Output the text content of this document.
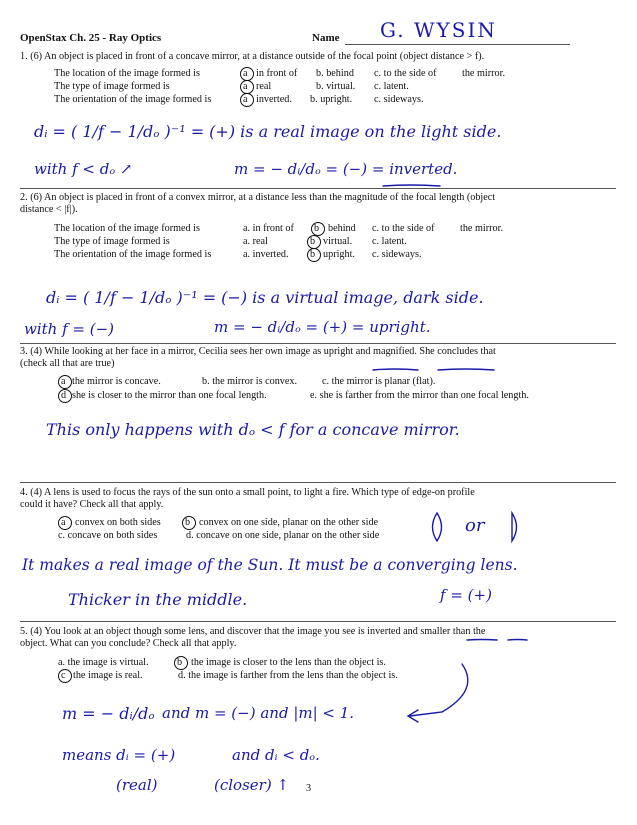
OpenStax Ch. 25 - Ray Optics	Name G. WYSIN
1. (6) An object is placed in front of a concave mirror, at a distance outside of the focal point (object distance > f).
The location of the image formed is	a in front of b. behind c. to the side of the mirror.
The type of image formed is	a real	b. virtual. c. latent.
The orientation of the image formed is	a inverted. b. upright. c. sideways.
dᵢ = ( 1/f − 1/dₒ )⁻¹ = (+) is a real image on the light side.
with f < dₒ ↗	m = − dᵢ/dₒ = (−) = inverted.
2. (6) An object is placed in front of a convex mirror, at a distance less than the magnitude of the focal length (object
distance < |f|).
The location of the image formed is	a. in front of b behind c. to the side of the mirror.
The type of image formed is	a. real	b virtual. c. latent.
The orientation of the image formed is	a. inverted. b upright. c. sideways.
dᵢ = ( 1/f − 1/dₒ )⁻¹ = (−) is a virtual image, dark side.
with f = (−)	m = − dᵢ/dₒ = (+) = upright.
3. (4) While looking at her face in a mirror, Cecilia sees her own image as upright and magnified. She concludes that
(check all that are true)
a the mirror is concave.	b. the mirror is convex. c. the mirror is planar (flat).
d she is closer to the mirror than one focal length.	e. she is farther from the mirror than one focal length.
This only happens with dₒ < f for a concave mirror.
4. (4) A lens is used to focus the rays of the sun onto a small point, to light a fire. Which type of edge-on profile
could it have? Check all that apply.
a convex on both sides b convex on one side, planar on the other side
c. concave on both sides	d. concave on one side, planar on the other side	or
It makes a real image of the Sun. It must be a converging lens.
Thicker in the middle.	f = (+)
5. (4) You look at an object though some lens, and discover that the image you see is inverted and smaller than the
object. What can you conclude? Check all that apply.
a. the image is virtual.	b the image is closer to the lens than the object is.
c the image is real.	d. the image is farther from the lens than the object is.
m = − dᵢ/dₒ and m = (−) and |m| < 1.
means dᵢ = (+)	and dᵢ < dₒ.
(real)	(closer) ↑ 3
